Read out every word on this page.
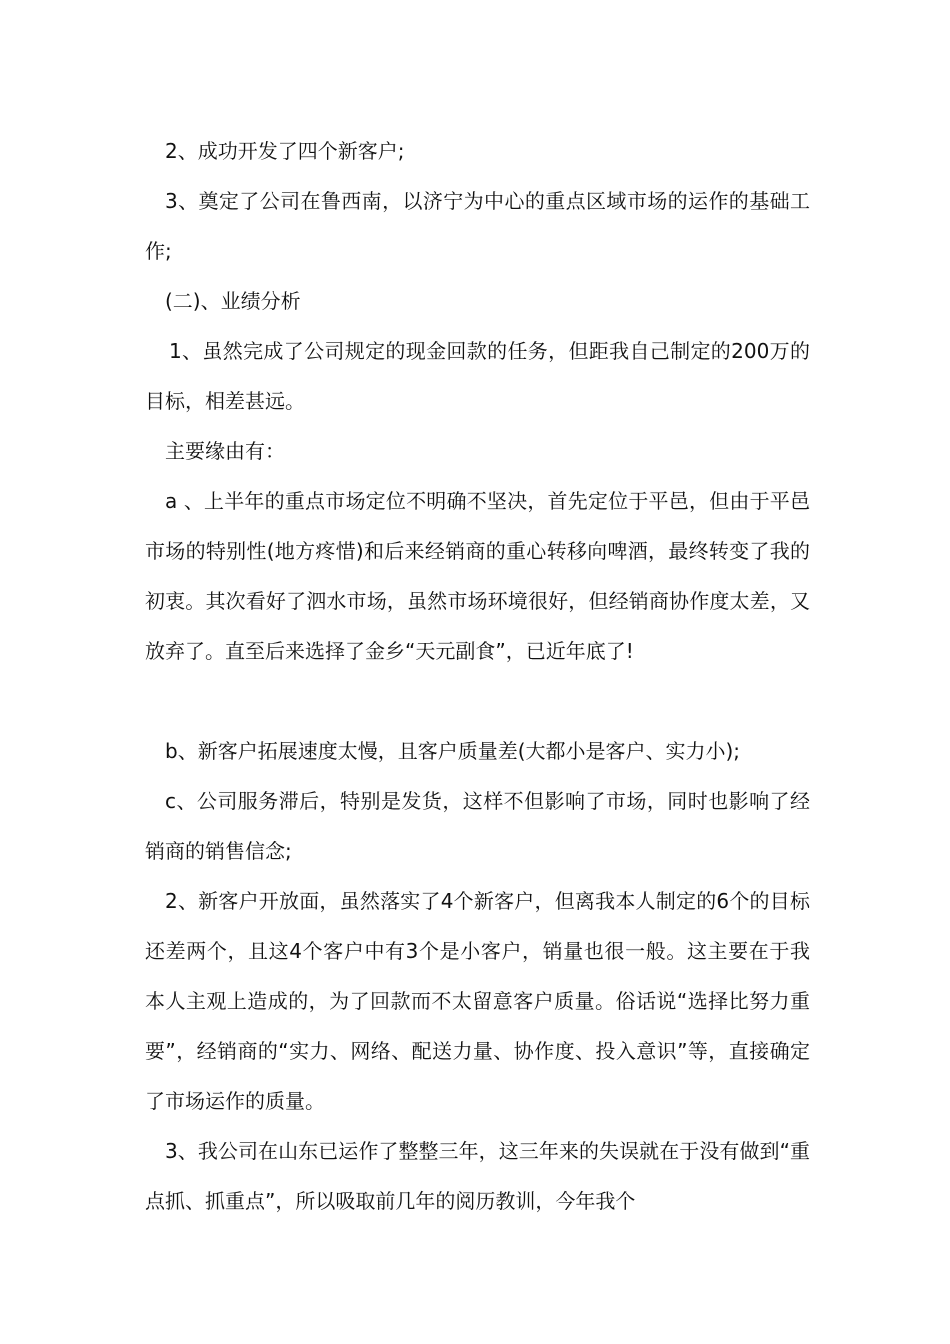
2、成功开发了四个新客户;

3、奠定了公司在鲁西南，以济宁为中心的重点区域市场的运作的基础工作;

(二)、业绩分析

1、虽然完成了公司规定的现金回款的任务，但距我自己制定的200万的目标，相差甚远。

主要缘由有：

a 、上半年的重点市场定位不明确不坚决，首先定位于平邑，但由于平邑市场的特别性(地方疼惜)和后来经销商的重心转移向啤酒，最终转变了我的初衷。其次看好了泗水市场，虽然市场环境很好，但经销商协作度太差，又放弃了。直至后来选择了金乡“天元副食”，已近年底了!

b、新客户拓展速度太慢，且客户质量差(大都小是客户、实力小);

c、公司服务滞后，特别是发货，这样不但影响了市场，同时也影响了经销商的销售信念;

2、新客户开放面，虽然落实了4个新客户，但离我本人制定的6个的目标还差两个，且这4个客户中有3个是小客户，销量也很一般。这主要在于我本人主观上造成的，为了回款而不太留意客户质量。俗话说“选择比努力重要”，经销商的“实力、网络、配送力量、协作度、投入意识”等，直接确定了市场运作的质量。

3、我公司在山东已运作了整整三年，这三年来的失误就在于没有做到“重点抓、抓重点”，所以吸取前几年的阅历教训，今年我个
